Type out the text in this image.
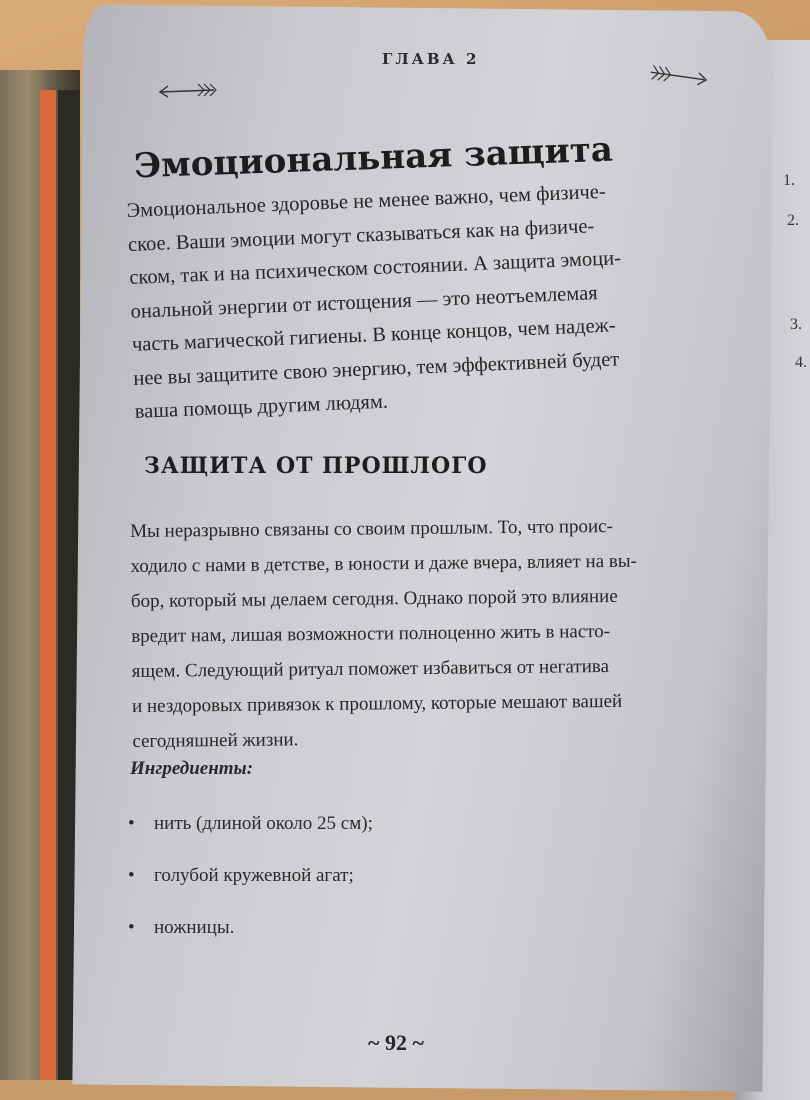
1.
2.
3.
4.
ГЛАВА 2
Эмоциональная защита
Эмоциональное здоровье не менее важно, чем физиче-
ское. Ваши эмоции могут сказываться как на физиче-
ском, так и на психическом состоянии. А защита эмоци-
ональной энергии от истощения — это неотъемлемая
часть магической гигиены. В конце концов, чем надеж-
нее вы защитите свою энергию, тем эффективней будет
ваша помощь другим людям.
ЗАЩИТА ОТ ПРОШЛОГО
Мы неразрывно связаны со своим прошлым. То, что проис-
ходило с нами в детстве, в юности и даже вчера, влияет на вы-
бор, который мы делаем сегодня. Однако порой это влияние
вредит нам, лишая возможности полноценно жить в насто-
ящем. Следующий ритуал поможет избавиться от негатива
и нездоровых привязок к прошлому, которые мешают вашей
сегодняшней жизни.
Ингредиенты:
• нить (длиной около 25 см);
• голубой кружевной агат;
• ножницы.
~ 92 ~
